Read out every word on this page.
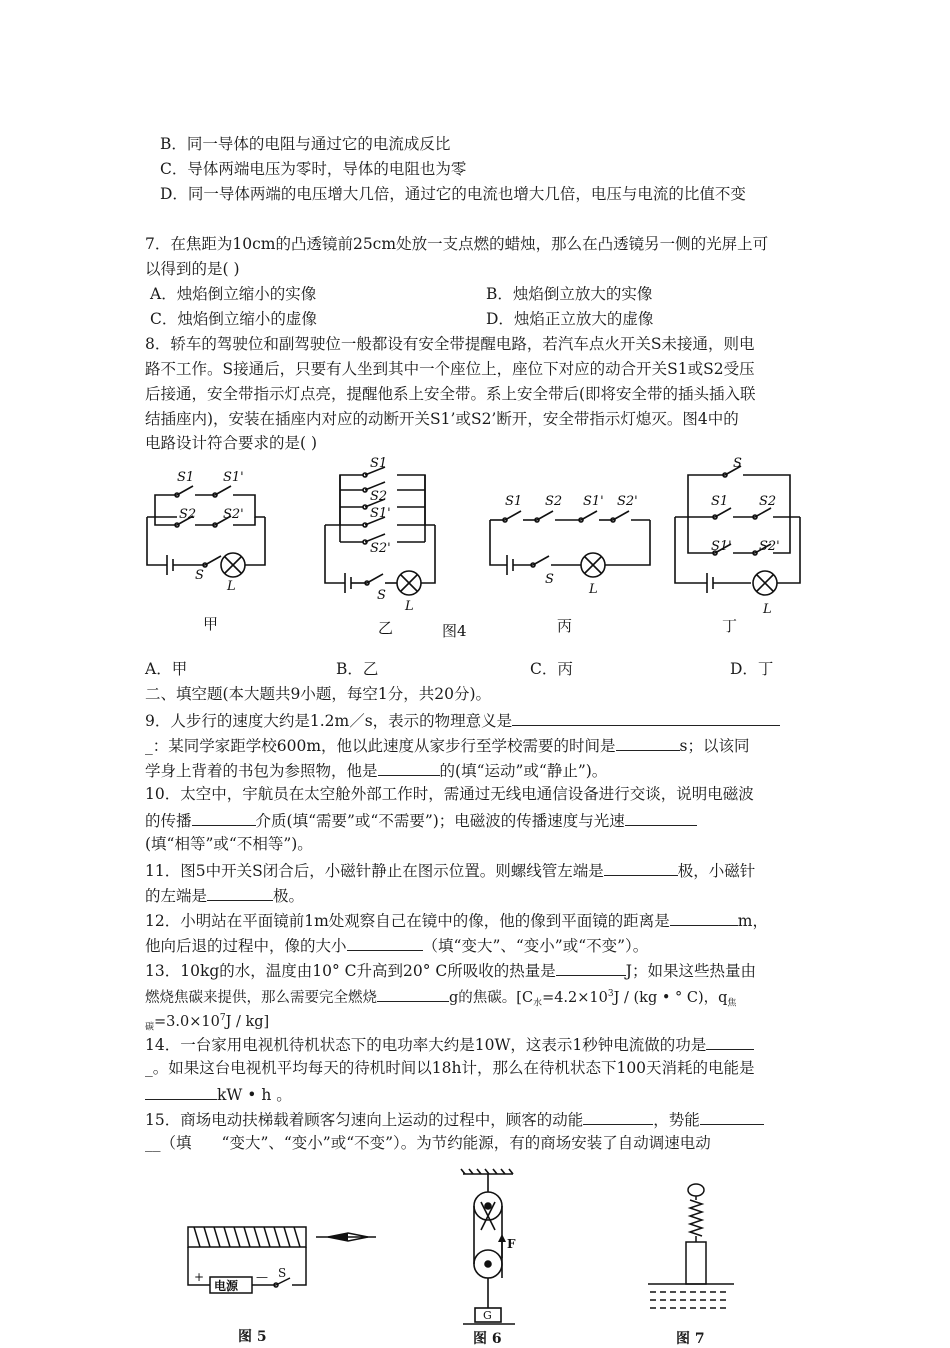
B．同一导体的电阻与通过它的电流成反比
C．导体两端电压为零时，导体的电阻也为零
D．同一导体两端的电压增大几倍，通过它的电流也增大几倍，电压与电流的比值不变
7．在焦距为10cm的凸透镜前25cm处放一支点燃的蜡烛，那么在凸透镜另一侧的光屏上可
以得到的是( )
A．烛焰倒立缩小的实像	B．烛焰倒立放大的实像
C．烛焰倒立缩小的虚像	D．烛焰正立放大的虚像
8．轿车的驾驶位和副驾驶位一般都设有安全带提醒电路，若汽车点火开关S未接通，则电
路不工作。S接通后，只要有人坐到其中一个座位上，座位下对应的动合开关S1或S2受压
后接通，安全带指示灯点亮，提醒他系上安全带。系上安全带后(即将安全带的插头插入联
结插座内)，安装在插座内对应的动断开关S1’或S2’断开，安全带指示灯熄灭。图4中的
电路设计符合要求的是( )
S1 S1'
S2 S2'
S
L
S1
S2
S1'
S2'
S
L
S1 S2 S1' S2'
S
L
S
S1 S2
S1' S2'
L
甲	乙	图4	丙	丁
A．甲	B．乙	C．丙	D．丁
二、填空题(本大题共9小题，每空1分，共20分)。
9．人步行的速度大约是1.2m／s，表示的物理意义是
_：某同学家距学校600m，他以此速度从家步行至学校需要的时间是	s；以该同
学身上背着的书包为参照物，他是	的(填“运动”或“静止”)。
10．太空中，宇航员在太空舱外部工作时，需通过无线电通信设备进行交谈，说明电磁波
的传播	介质(填“需要”或“不需要”)；电磁波的传播速度与光速
(填“相等”或“不相等”)。
11．图5中开关S闭合后，小磁针静止在图示位置。则螺线管左端是	极，小磁针
的左端是	极。
12．小明站在平面镜前1m处观察自己在镜中的像，他的像到平面镜的距离是	m，
他向后退的过程中，像的大小	（填“变大”、“变小”或“不变”）。
13．10kg的水，温度由10° C升高到20° C所吸收的热量是	J；如果这些热量由
燃烧焦碳来提供，那么需要完全燃烧	g的焦碳。[$C_水=4.2\times 10^3J / (kg$ • ° C)，$q_焦$
$_碳=3.0\times 10^7J / kg$]
14．一台家用电视机待机状态下的电功率大约是10W，这表示1秒钟电流做的功是
_。如果这台电视机平均每天的待机时间以18h计，那么在待机状态下100天消耗的电能是
kW • h 。
15．商场电动扶梯载着顾客匀速向上运动的过程中，顾客的动能	，势能
__（填 “变大”、“变小”或“不变”）。为节约能源，有的商场安装了自动调速电动
+	—
电源
S
图 5
F
G
图 6	图 7
